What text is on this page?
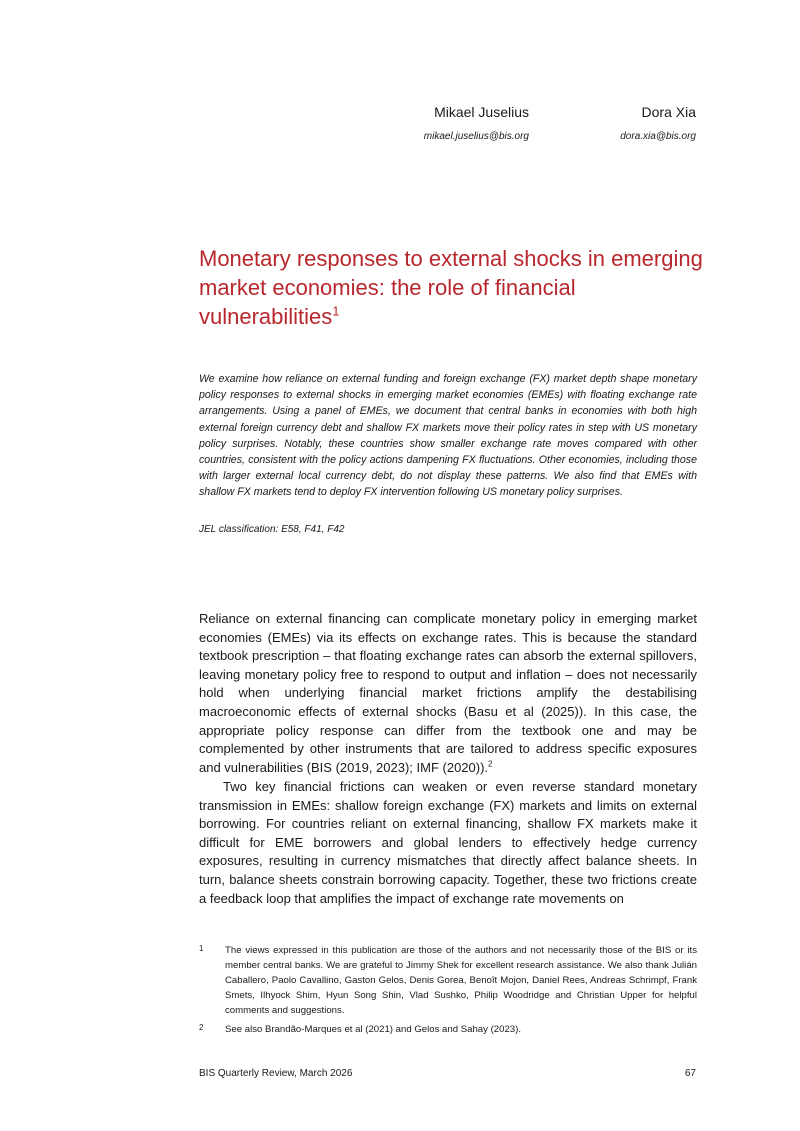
Mikael Juselius
mikael.juselius@bis.org
Dora Xia
dora.xia@bis.org
Monetary responses to external shocks in emerging market economies: the role of financial vulnerabilities$^1$

We examine how reliance on external funding and foreign exchange (FX) market depth shape monetary policy responses to external shocks in emerging market economies (EMEs) with floating exchange rate arrangements. Using a panel of EMEs, we document that central banks in economies with both high external foreign currency debt and shallow FX markets move their policy rates in step with US monetary policy surprises. Notably, these countries show smaller exchange rate moves compared with other countries, consistent with the policy actions dampening FX fluctuations. Other economies, including those with larger external local currency debt, do not display these patterns. We also find that EMEs with shallow FX markets tend to deploy FX intervention following US monetary policy surprises.

JEL classification: E58, F41, F42

Reliance on external financing can complicate monetary policy in emerging market economies (EMEs) via its effects on exchange rates. This is because the standard textbook prescription – that floating exchange rates can absorb the external spillovers, leaving monetary policy free to respond to output and inflation – does not necessarily hold when underlying financial market frictions amplify the destabilising macroeconomic effects of external shocks (Basu et al (2025)). In this case, the appropriate policy response can differ from the textbook one and may be complemented by other instruments that are tailored to address specific exposures and vulnerabilities (BIS (2019, 2023); IMF (2020)).$^2$

Two key financial frictions can weaken or even reverse standard monetary transmission in EMEs: shallow foreign exchange (FX) markets and limits on external borrowing. For countries reliant on external financing, shallow FX markets make it difficult for EME borrowers and global lenders to effectively hedge currency exposures, resulting in currency mismatches that directly affect balance sheets. In turn, balance sheets constrain borrowing capacity. Together, these two frictions create a feedback loop that amplifies the impact of exchange rate movements on

1 The views expressed in this publication are those of the authors and not necessarily those of the BIS or its member central banks. We are grateful to Jimmy Shek for excellent research assistance. We also thank Julián Caballero, Paolo Cavallino, Gaston Gelos, Denis Gorea, Benoît Mojon, Daniel Rees, Andreas Schrimpf, Frank Smets, Ilhyock Shim, Hyun Song Shin, Vlad Sushko, Philip Woodridge and Christian Upper for helpful comments and suggestions.
2 See also Brandão-Marques et al (2021) and Gelos and Sahay (2023).
BIS Quarterly Review, March 2026	67
